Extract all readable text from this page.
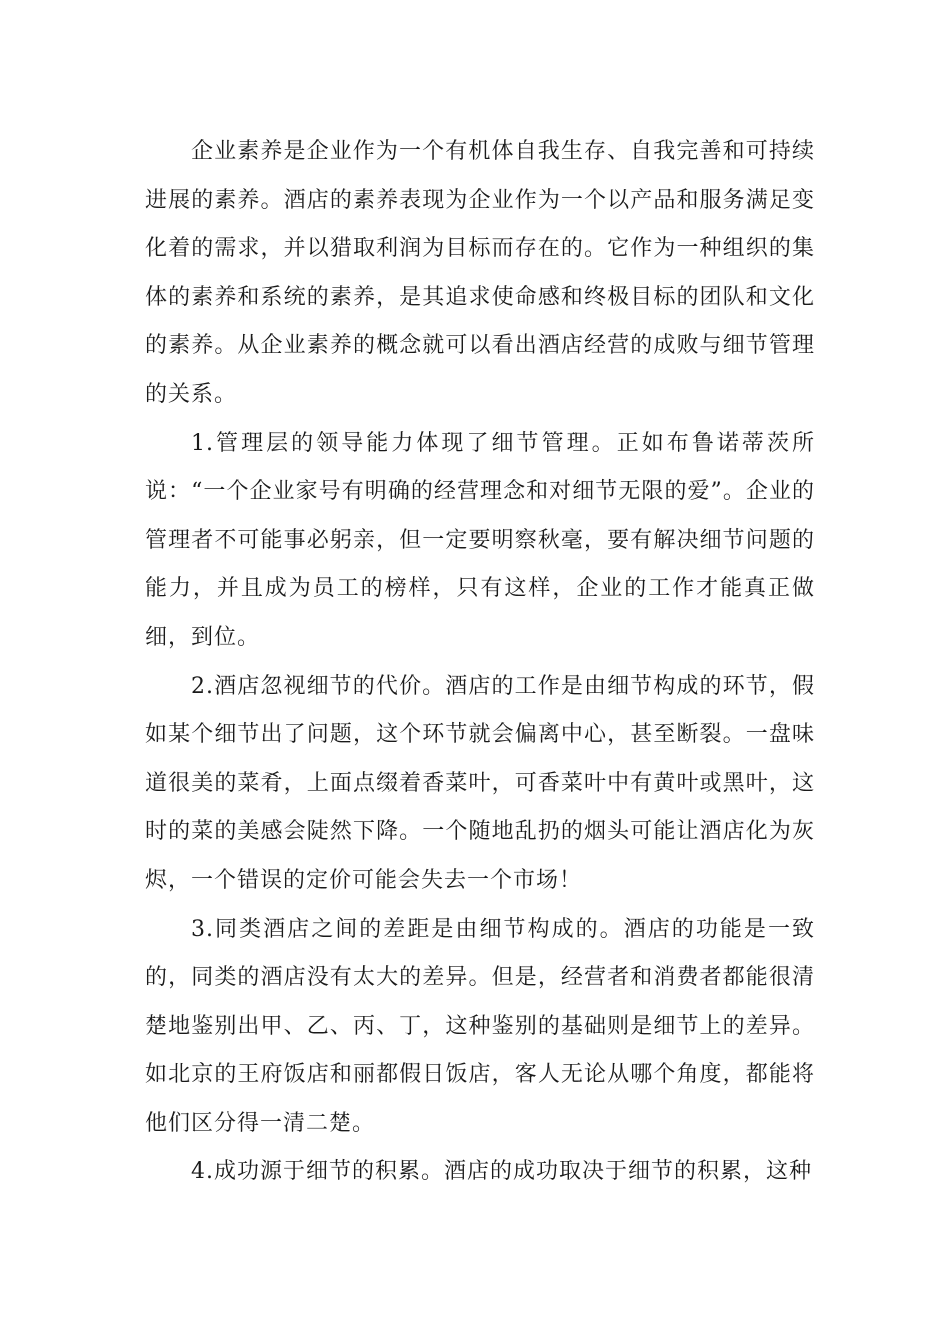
企业素养是企业作为一个有机体自我生存、自我完善和可持续进展的素养。酒店的素养表现为企业作为一个以产品和服务满足变化着的需求，并以猎取利润为目标而存在的。它作为一种组织的集体的素养和系统的素养，是其追求使命感和终极目标的团队和文化的素养。从企业素养的概念就可以看出酒店经营的成败与细节管理的关系。

1.管理层的领导能力体现了细节管理。正如布鲁诺蒂茨所说：“一个企业家号有明确的经营理念和对细节无限的爱”。企业的管理者不可能事必躬亲，但一定要明察秋毫，要有解决细节问题的能力，并且成为员工的榜样，只有这样，企业的工作才能真正做细，到位。

2.酒店忽视细节的代价。酒店的工作是由细节构成的环节，假如某个细节出了问题，这个环节就会偏离中心，甚至断裂。一盘味道很美的菜肴，上面点缀着香菜叶，可香菜叶中有黄叶或黑叶，这时的菜的美感会陡然下降。一个随地乱扔的烟头可能让酒店化为灰烬，一个错误的定价可能会失去一个市场！

3.同类酒店之间的差距是由细节构成的。酒店的功能是一致的，同类的酒店没有太大的差异。但是，经营者和消费者都能很清楚地鉴别出甲、乙、丙、丁，这种鉴别的基础则是细节上的差异。如北京的王府饭店和丽都假日饭店，客人无论从哪个角度，都能将他们区分得一清二楚。

4.成功源于细节的积累。酒店的成功取决于细节的积累，这种
